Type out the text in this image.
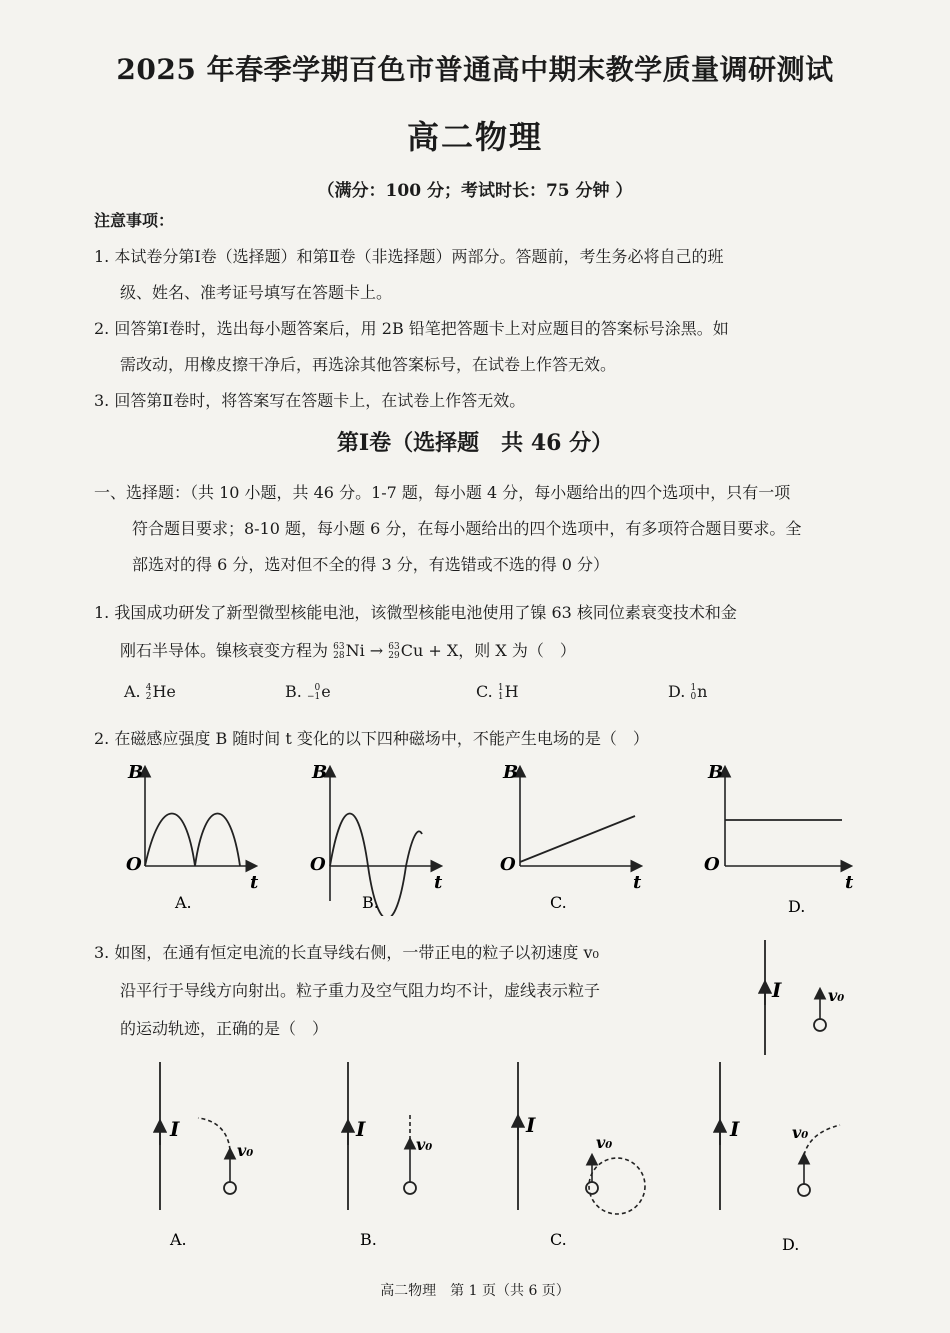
2025 年春季学期百色市普通高中期末教学质量调研测试
高二物理
（满分：100 分；考试时长：75 分钟 ）
注意事项：
1. 本试卷分第Ⅰ卷（选择题）和第Ⅱ卷（非选择题）两部分。答题前，考生务必将自己的班
级、姓名、准考证号填写在答题卡上。
2. 回答第Ⅰ卷时，选出每小题答案后，用 2B 铅笔把答题卡上对应题目的答案标号涂黑。如
需改动，用橡皮擦干净后，再选涂其他答案标号，在试卷上作答无效。
3. 回答第Ⅱ卷时，将答案写在答题卡上，在试卷上作答无效。
第Ⅰ卷（选择题　共 46 分）
一、选择题：（共 10 小题，共 46 分。1-7 题，每小题 4 分，每小题给出的四个选项中，只有一项
符合题目要求；8-10 题，每小题 6 分，在每小题给出的四个选项中，有多项符合题目要求。全
部选对的得 6 分，选对但不全的得 3 分，有选错或不选的得 0 分）
1. 我国成功研发了新型微型核能电池，该微型核能电池使用了镍 63 核同位素衰变技术和金
刚石半导体。镍核衰变方程为 63
28 Ni → 63
29 Cu + X，则 X 为（　）
A. 4
2 He	B.	0
−1 e	C. 1
1 H	D. 1
0 n
2. 在磁感应强度 B 随时间 t 变化的以下四种磁场中，不能产生电场的是（　）
B
t
O
A.
B
t
O
B.
B
t
O
C.
B
t
O
D.
3. 如图，在通有恒定电流的长直导线右侧，一带正电的粒子以初速度 v₀
沿平行于导线方向射出。粒子重力及空气阻力均不计，虚线表示粒子
的运动轨迹，正确的是（　）
I	v₀
I
v₀
A.
I
v₀
B.
I
v₀
C.
I	v₀
D.
高二物理　第 1 页（共 6 页）
